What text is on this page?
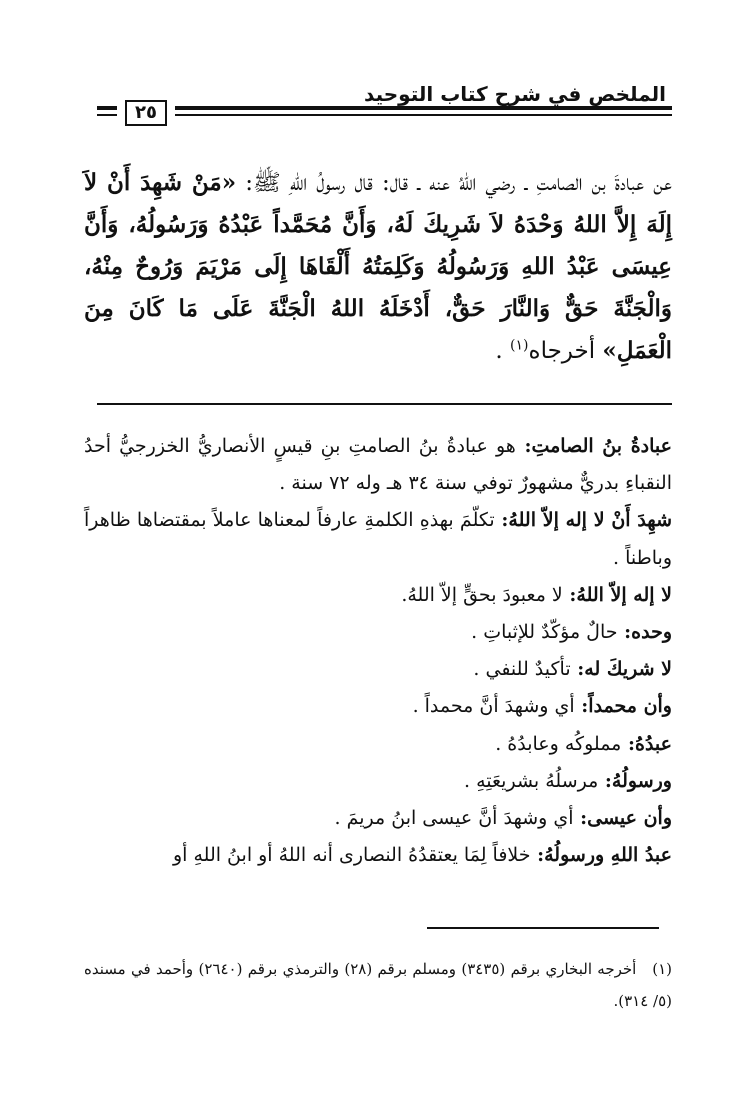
الملخص في شرح كتاب التوحيد
٢٥

عن عبادةَ بن الصامتِ ـ رضي اللهُ عنه ـ قال: قال رسولُ اللهِ ﷺ: «مَنْ شَهِدَ أَنْ لاَ إِلَهَ إِلاَّ اللهُ وَحْدَهُ لاَ شَرِيكَ لَهُ، وَأَنَّ مُحَمَّداً عَبْدُهُ وَرَسُولُهُ، وَأَنَّ عِيسَى عَبْدُ اللهِ وَرَسُولُهُ وَكَلِمَتُهُ أَلْقَاهَا إِلَى مَرْيَمَ وَرُوحٌ مِنْهُ، وَالْجَنَّةَ حَقٌّ وَالنَّارَ حَقٌّ، أَدْخَلَهُ اللهُ الْجَنَّةَ عَلَى مَا كَانَ مِنَ الْعَمَلِ» أخرجاه$^{(١)}$ .

عبادةُ بنُ الصامتِ: هو عبادةُ بنُ الصامتِ بنِ قيسٍ الأنصاريُّ الخزرجيُّ أحدُ النقباءِ بدريٌّ مشهورٌ توفي سنة ٣٤ هـ وله ٧٢ سنة .

شهِدَ أَنْ لا إله إلاّ اللهُ: تكلّمَ بهذهِ الكلمةِ عارفاً لمعناها عاملاً بمقتضاها ظاهراً وباطناً .

لا إله إلاّ اللهُ: لا معبودَ بحقٍّ إلاّ اللهُ.

وحده: حالٌ مؤكّدٌ للإثباتِ .

لا شريكَ له: تأكيدٌ للنفي .

وأن محمداً: أي وشهدَ أنَّ محمداً .

عبدُهُ: مملوكُه وعابدُهُ .

ورسولُهُ: مرسلُهُ بشريعَتِهِ .

وأن عيسى: أي وشهدَ أنَّ عيسى ابنُ مريمَ .

عبدُ اللهِ ورسولُهُ: خلافاً لِمَا يعتقدُهُ النصارى أنه اللهُ أو ابنُ اللهِ أو

(١)   أخرجه البخاري برقم (٣٤٣٥) ومسلم برقم (٢٨) والترمذي برقم (٢٦٤٠) وأحمد في مسنده (٥/ ٣١٤).
